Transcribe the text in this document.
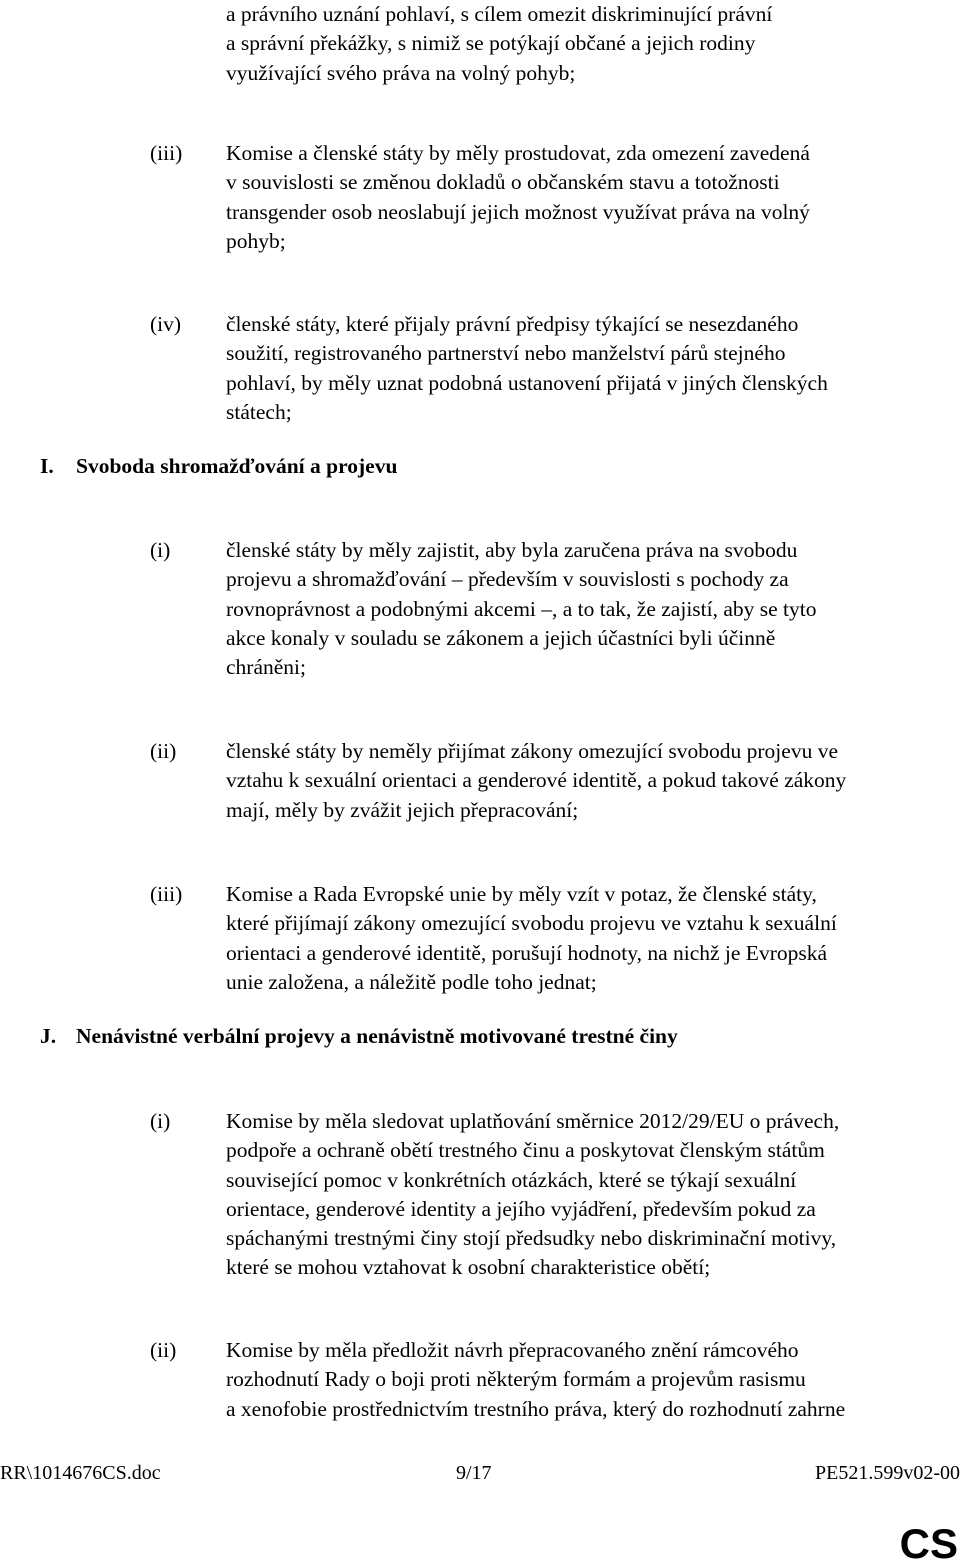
a právního uznání pohlaví, s cílem omezit diskriminující právní
a správní překážky, s nimiž se potýkají občané a jejich rodiny
využívající svého práva na volný pohyb;
(iii) Komise a členské státy by měly prostudovat, zda omezení zavedená
v souvislosti se změnou dokladů o občanském stavu a totožnosti
transgender osob neoslabují jejich možnost využívat práva na volný
pohyb;
(iv) členské státy, které přijaly právní předpisy týkající se nesezdaného
soužití, registrovaného partnerství nebo manželství párů stejného
pohlaví, by měly uznat podobná ustanovení přijatá v jiných členských
státech;
I. Svoboda shromažďování a projevu
(i)	členské státy by měly zajistit, aby byla zaručena práva na svobodu
projevu a shromažďování – především v souvislosti s pochody za
rovnoprávnost a podobnými akcemi –, a to tak, že zajistí, aby se tyto
akce konaly v souladu se zákonem a jejich účastníci byli účinně
chráněni;
(ii) členské státy by neměly přijímat zákony omezující svobodu projevu ve
vztahu k sexuální orientaci a genderové identitě, a pokud takové zákony
mají, měly by zvážit jejich přepracování;
(iii) Komise a Rada Evropské unie by měly vzít v potaz, že členské státy,
které přijímají zákony omezující svobodu projevu ve vztahu k sexuální
orientaci a genderové identitě, porušují hodnoty, na nichž je Evropská
unie založena, a náležitě podle toho jednat;
J. Nenávistné verbální projevy a nenávistně motivované trestné činy
(i)	Komise by měla sledovat uplatňování směrnice 2012/29/EU o právech,
podpoře a ochraně obětí trestného činu a poskytovat členským státům
související pomoc v konkrétních otázkách, které se týkají sexuální
orientace, genderové identity a jejího vyjádření, především pokud za
spáchanými trestnými činy stojí předsudky nebo diskriminační motivy,
které se mohou vztahovat k osobní charakteristice obětí;
(ii) Komise by měla předložit návrh přepracovaného znění rámcového
rozhodnutí Rady o boji proti některým formám a projevům rasismu
a xenofobie prostřednictvím trestního práva, který do rozhodnutí zahrne
RR\1014676CS.doc	9/17	PE521.599v02-00
CS
